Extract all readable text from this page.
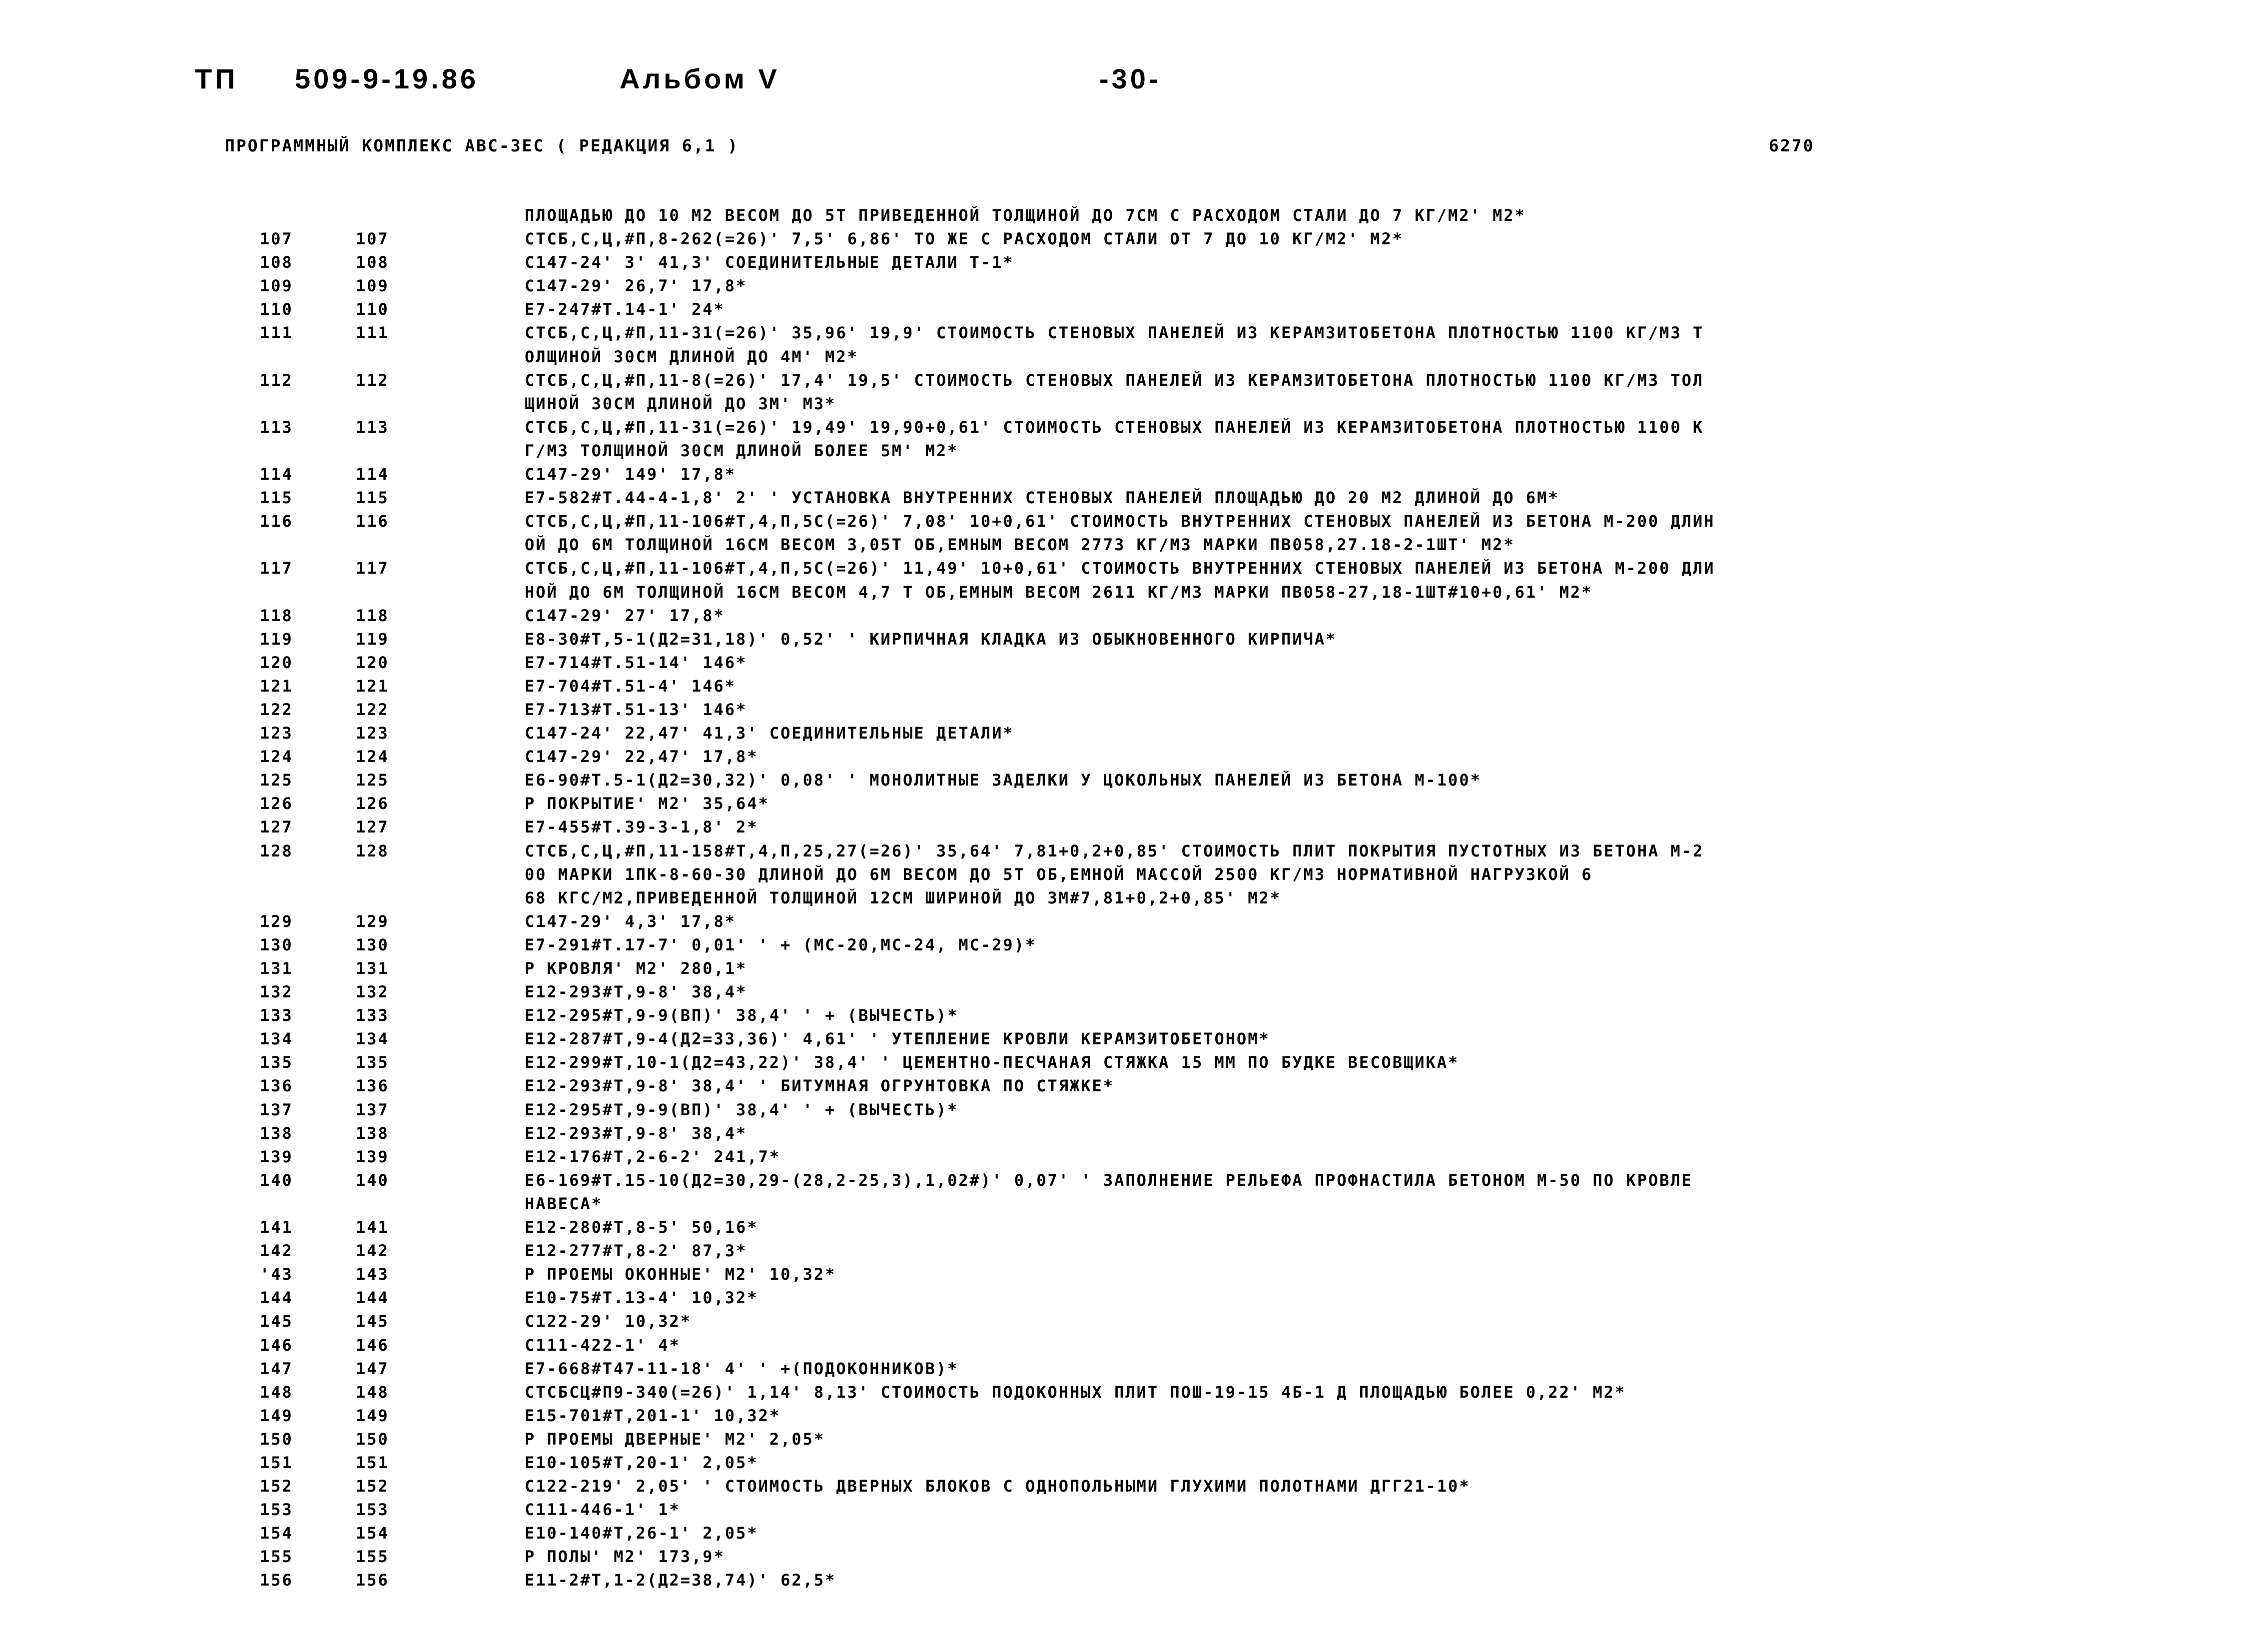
ТП 509-9-19.86	Альбом V	-30-
ПРОГРАММНЫЙ КОМПЛЕКС АВС-ЗЕС ( РЕДАКЦИЯ 6,1 )	6270
ПЛОЩАДЬЮ ДО 10 М2 ВЕСОМ ДО 5Т ПРИВЕДЕННОЙ ТОЛЩИНОЙ ДО 7СМ С РАСХОДОМ СТАЛИ ДО 7 КГ/М2' М2*
107	107	СТСБ,С,Ц,#П,8-262(=26)' 7,5' 6,86' ТО ЖЕ С РАСХОДОМ СТАЛИ ОТ 7 ДО 10 КГ/М2' М2*
108	108	С147-24' 3' 41,3' СОЕДИНИТЕЛЬНЫЕ ДЕТАЛИ Т-1*
109	109	С147-29' 26,7' 17,8*
110	110	Е7-247#Т.14-1' 24*
111	111	СТСБ,С,Ц,#П,11-31(=26)' 35,96' 19,9' СТОИМОСТЬ СТЕНОВЫХ ПАНЕЛЕЙ ИЗ КЕРАМЗИТОБЕТОНА ПЛОТНОСТЬЮ 1100 КГ/М3 Т
ОЛЩИНОЙ 30СМ ДЛИНОЙ ДО 4М' М2*
112	112	СТСБ,С,Ц,#П,11-8(=26)' 17,4' 19,5' СТОИМОСТЬ СТЕНОВЫХ ПАНЕЛЕЙ ИЗ КЕРАМЗИТОБЕТОНА ПЛОТНОСТЬЮ 1100 КГ/М3 ТОЛ
ЩИНОЙ 30СМ ДЛИНОЙ ДО 3М' М3*
113	113	СТСБ,С,Ц,#П,11-31(=26)' 19,49' 19,90+0,61' СТОИМОСТЬ СТЕНОВЫХ ПАНЕЛЕЙ ИЗ КЕРАМЗИТОБЕТОНА ПЛОТНОСТЬЮ 1100 К
Г/М3 ТОЛЩИНОЙ 30СМ ДЛИНОЙ БОЛЕЕ 5М' М2*
114	114	С147-29' 149' 17,8*
115	115	Е7-582#Т.44-4-1,8' 2' ' УСТАНОВКА ВНУТРЕННИХ СТЕНОВЫХ ПАНЕЛЕЙ ПЛОЩАДЬЮ ДО 20 М2 ДЛИНОЙ ДО 6М*
116	116	СТСБ,С,Ц,#П,11-106#Т,4,П,5С(=26)' 7,08' 10+0,61' СТОИМОСТЬ ВНУТРЕННИХ СТЕНОВЫХ ПАНЕЛЕЙ ИЗ БЕТОНА М-200 ДЛИН
ОЙ ДО 6М ТОЛЩИНОЙ 16СМ ВЕСОМ 3,05Т ОБ,ЕМНЫМ ВЕСОМ 2773 КГ/М3 МАРКИ ПВ058,27.18-2-1ШТ' М2*
117	117	СТСБ,С,Ц,#П,11-106#Т,4,П,5С(=26)' 11,49' 10+0,61' СТОИМОСТЬ ВНУТРЕННИХ СТЕНОВЫХ ПАНЕЛЕЙ ИЗ БЕТОНА М-200 ДЛИ
НОЙ ДО 6М ТОЛЩИНОЙ 16СМ ВЕСОМ 4,7 Т ОБ,ЕМНЫМ ВЕСОМ 2611 КГ/М3 МАРКИ ПВ058-27,18-1ШТ#10+0,61' М2*
118	118	С147-29' 27' 17,8*
119	119	Е8-30#Т,5-1(Д2=31,18)' 0,52' ' КИРПИЧНАЯ КЛАДКА ИЗ ОБЫКНОВЕННОГО КИРПИЧА*
120	120	Е7-714#Т.51-14' 146*
121	121	Е7-704#Т.51-4' 146*
122	122	Е7-713#Т.51-13' 146*
123	123	С147-24' 22,47' 41,3' СОЕДИНИТЕЛЬНЫЕ ДЕТАЛИ*
124	124	С147-29' 22,47' 17,8*
125	125	Е6-90#Т.5-1(Д2=30,32)' 0,08' ' МОНОЛИТНЫЕ ЗАДЕЛКИ У ЦОКОЛЬНЫХ ПАНЕЛЕЙ ИЗ БЕТОНА М-100*
126	126	Р ПОКРЫТИЕ' М2' 35,64*
127	127	Е7-455#Т.39-3-1,8' 2*
128	128	СТСБ,С,Ц,#П,11-158#Т,4,П,25,27(=26)' 35,64' 7,81+0,2+0,85' СТОИМОСТЬ ПЛИТ ПОКРЫТИЯ ПУСТОТНЫХ ИЗ БЕТОНА М-2
00 МАРКИ 1ПК-8-60-30 ДЛИНОЙ ДО 6М ВЕСОМ ДО 5Т ОБ,ЕМНОЙ МАССОЙ 2500 КГ/М3 НОРМАТИВНОЙ НАГРУЗКОЙ 6
68 КГС/М2,ПРИВЕДЕННОЙ ТОЛЩИНОЙ 12СМ ШИРИНОЙ ДО 3М#7,81+0,2+0,85' М2*
129	129	С147-29' 4,3' 17,8*
130	130	Е7-291#Т.17-7' 0,01' ' + (МС-20,МС-24, МС-29)*
131	131	Р КРОВЛЯ' М2' 280,1*
132	132	Е12-293#Т,9-8' 38,4*
133	133	Е12-295#Т,9-9(ВП)' 38,4' ' + (ВЫЧЕСТЬ)*
134	134	Е12-287#Т,9-4(Д2=33,36)' 4,61' ' УТЕПЛЕНИЕ КРОВЛИ КЕРАМЗИТОБЕТОНОМ*
135	135	Е12-299#Т,10-1(Д2=43,22)' 38,4' ' ЦЕМЕНТНО-ПЕСЧАНАЯ СТЯЖКА 15 ММ ПО БУДКЕ ВЕСОВЩИКА*
136	136	Е12-293#Т,9-8' 38,4' ' БИТУМНАЯ ОГРУНТОВКА ПО СТЯЖКЕ*
137	137	Е12-295#Т,9-9(ВП)' 38,4' ' + (ВЫЧЕСТЬ)*
138	138	Е12-293#Т,9-8' 38,4*
139	139	Е12-176#Т,2-6-2' 241,7*
140	140	Е6-169#Т.15-10(Д2=30,29-(28,2-25,3),1,02#)' 0,07' ' ЗАПОЛНЕНИЕ РЕЛЬЕФА ПРОФНАСТИЛА БЕТОНОМ М-50 ПО КРОВЛЕ
НАВЕСА*
141	141	Е12-280#Т,8-5' 50,16*
142	142	Е12-277#Т,8-2' 87,3*
'43	143	Р ПРОЕМЫ ОКОННЫЕ' М2' 10,32*
144	144	Е10-75#Т.13-4' 10,32*
145	145	С122-29' 10,32*
146	146	С111-422-1' 4*
147	147	Е7-668#Т47-11-18' 4' ' +(ПОДОКОННИКОВ)*
148	148	СТСБСЦ#П9-340(=26)' 1,14' 8,13' СТОИМОСТЬ ПОДОКОННЫХ ПЛИТ ПОШ-19-15 4Б-1 Д ПЛОЩАДЬЮ БОЛЕЕ 0,22' М2*
149	149	Е15-701#Т,201-1' 10,32*
150	150	Р ПРОЕМЫ ДВЕРНЫЕ' М2' 2,05*
151	151	Е10-105#Т,20-1' 2,05*
152	152	С122-219' 2,05' ' СТОИМОСТЬ ДВЕРНЫХ БЛОКОВ С ОДНОПОЛЬНЫМИ ГЛУХИМИ ПОЛОТНАМИ ДГГ21-10*
153	153	С111-446-1' 1*
154	154	Е10-140#Т,26-1' 2,05*
155	155	Р ПОЛЫ' М2' 173,9*
156	156	Е11-2#Т,1-2(Д2=38,74)' 62,5*
